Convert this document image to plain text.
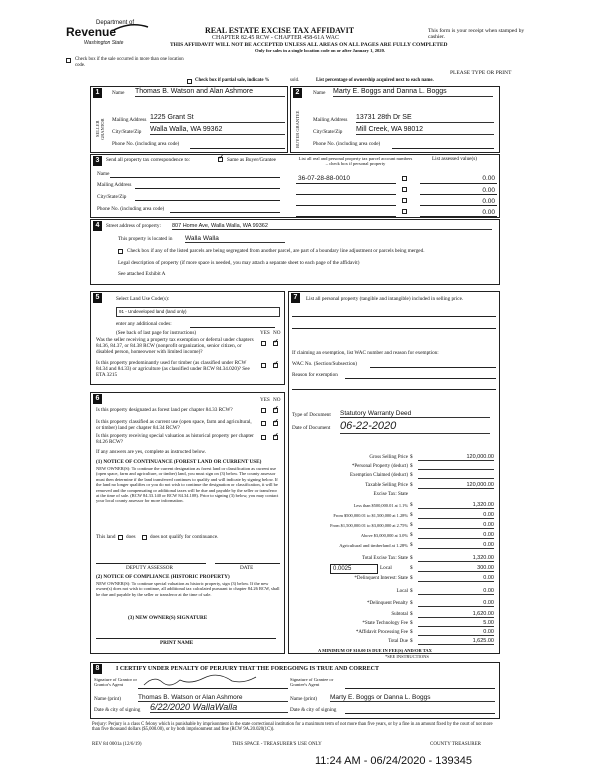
Department of
Revenue
Washington State
REAL ESTATE EXCISE TAX AFFIDAVIT
CHAPTER 82.45 RCW - CHAPTER 458-61A WAC
THIS AFFIDAVIT WILL NOT BE ACCEPTED UNLESS ALL AREAS ON ALL PAGES ARE FULLY COMPLETED
Only for sales in a single location code on or after January 1, 2020.
This form is your receipt when stamped by cashier.
PLEASE TYPE OR PRINT
Check box if the sale occurred in more than one location code.
Check box if partial sale, indicate %	sold.	List percentage of ownership acquired next to each name.
1	2
SELLER GRANTOR	BUYER GRANTEE
Name Thomas B. Watson and Alan Ashmore
Mailing Address 1225 Grant St
City/State/Zip Walla Walla, WA 99362
Phone No. (including area code)
Name Marty E. Boggs and Danna L. Boggs
Mailing Address 13731 28th Dr SE
City/State/Zip Mill Creek, WA 98012
Phone No. (including area code)
3	Send all property tax correspondence to:
✔	Same as Buyer/Grantee	List all real and personal property tax parcel account numbers – check box if personal property
List assessed value(s)
Name
Mailing Address
City/State/Zip
Phone No. (including area code)
36-07-28-88-0010	0.00
0.00
0.00
0.00
4	Street address of property: 807 Home Ave, Walla Walla, WA 99362
This property is located in Walla Walla
Check box if any of the listed parcels are being segregated from another parcel, are part of a boundary line adjustment or parcels being merged.
Legal description of property (if more space is needed, you may attach a separate sheet to each page of the affidavit)
See attached Exhibit A
5	Select Land Use Code(s):
91 - Undeveloped land (land only)
enter any additional codes:
(See back of last page for instructions)	YES NO
Was the seller receiving a property tax exemption or deferral under chapters 84.36, 84.37, or 84.38 RCW (nonprofit organization, senior citizen, or disabled person, homeowner with limited income)?
✔
Is this property predominantly used for timber (as classified under RCW 84.34 and 84.33) or agriculture (as classified under RCW 84.34.020)? See ETA 3215
✔
6	YES NO
Is this property designated as forest land per chapter 84.33 RCW?
✔
Is this property classified as current use (open space, farm and agricultural, or timber) land per chapter 84.34 RCW?
✔
Is this property receiving special valuation as historical property per chapter 84.26 RCW?
✔
If any answers are yes, complete as instructed below.
(1) NOTICE OF CONTINUANCE (FOREST LAND OR CURRENT USE)
NEW OWNER(S): To continue the current designation as forest land or classification as current use (open space, farm and agriculture, or timber) land, you must sign on (3) below. The county assessor must then determine if the land transferred continues to qualify and will indicate by signing below. If the land no longer qualifies or you do not wish to continue the designation or classification, it will be removed and the compensating or additional taxes will be due and payable by the seller or transferor at the time of sale. (RCW 84.33.140 or RCW 84.34.108). Prior to signing (3) below, you may contact your local county assessor for more information.
This land does	does not qualify for continuance.
DEPUTY ASSESSOR	DATE
(2) NOTICE OF COMPLIANCE (HISTORIC PROPERTY)
NEW OWNER(S): To continue special valuation as historic property, sign (3) below. If the new owner(s) does not wish to continue, all additional tax calculated pursuant to chapter 84.26 RCW, shall be due and payable by the seller or transferor at the time of sale.
(3) NEW OWNER(S) SIGNATURE
PRINT NAME
7	List all personal property (tangible and intangible) included in selling price.
If claiming an exemption, list WAC number and reason for exemption:
WAC No. (Section/Subsection)
Reason for exemption
Type of Document Statutory Warranty Deed
Date of Document 06-22-2020
Gross Selling Price $	120,000.00
*Personal Property (deduct) $
Exemption Claimed (deduct) $
Taxable Selling Price $	120,000.00
Excise Tax: State
Less than $500,000.01 at 1.1% $	1,320.00
From $500,000.01 to $1,500,000 at 1.28% $	0.00
From $1,500,000.01 to $3,000,000 at 2.75% $	0.00
Above $3,000,000 at 3.0% $	0.00
Agricultural and timberland at 1.28% $	0.00
Total Excise Tax: State $	1,320.00
0.0025	Local	$	300.00
*Delinquent Interest: State $	0.00
Local $	0.00
*Delinquent Penalty $	0.00
Subtotal $	1,620.00
*State Technology Fee $	5.00
*Affidavit Processing Fee $	0.00
Total Due $	1,625.00
A MINIMUM OF $10.00 IS DUE IN FEE(S) AND/OR TAX
*SEE INSTRUCTIONS
8	I CERTIFY UNDER PENALTY OF PERJURY THAT THE FOREGOING IS TRUE AND CORRECT
Signature of Grantor or Grantor's Agent
Signature of Grantee or Grantee's Agent
Name (print)	Thomas B. Watson or Alan Ashmore	Name (print) Marty E. Boggs or Danna L. Boggs
Date & city of signing 6/22/2020 WallaWalla	Date & city of signing
Perjury: Perjury is a class C felony which is punishable by imprisonment in the state correctional institution for a maximum term of not more than five years, or by a fine in an amount fixed by the court of not more than five thousand dollars ($5,000.00), or by both imprisonment and fine (RCW 9A.20.020(1C)).
REV 84 0001a (12/6/19)	THIS SPACE - TREASURER'S USE ONLY	COUNTY TREASURER
11:24 AM - 06/24/2020 - 139345
